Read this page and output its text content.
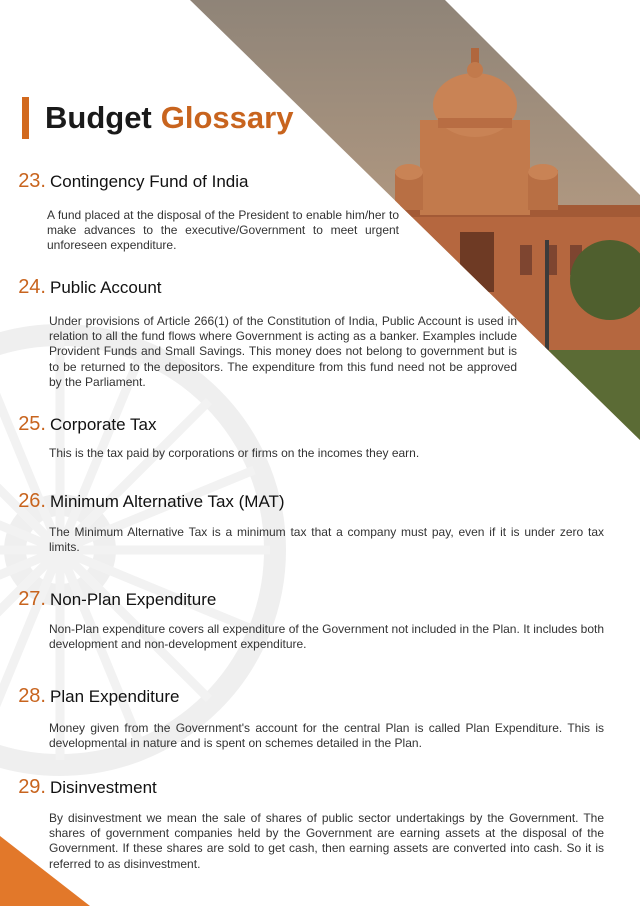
Budget Glossary
23. Contingency Fund of India
A fund placed at the disposal of the President to enable him/her to make advances to the executive/Government to meet urgent unforeseen expenditure.
24. Public Account
Under provisions of Article 266(1) of the Constitution of India, Public Account is used in relation to all the fund flows where Government is acting as a banker. Examples include Provident Funds and Small Savings. This money does not belong to government but is to be returned to the depositors. The expenditure from this fund need not be approved by the Parliament.
25. Corporate Tax
This is the tax paid by corporations or firms on the incomes they earn.
26. Minimum Alternative Tax (MAT)
The Minimum Alternative Tax is a minimum tax that a company must pay, even if it is under zero tax limits.
27. Non-Plan Expenditure
Non-Plan expenditure covers all expenditure of the Government not included in the Plan. It includes both development and non-development expenditure.
28. Plan Expenditure
Money given from the Government's account for the central Plan is called Plan Expenditure. This is developmental in nature and is spent on schemes detailed in the Plan.
29. Disinvestment
By disinvestment we mean the sale of shares of public sector undertakings by the Government. The shares of government companies held by the Government are earning assets at the disposal of the Government. If these shares are sold to get cash, then earning assets are converted into cash. So it is referred to as disinvestment.
